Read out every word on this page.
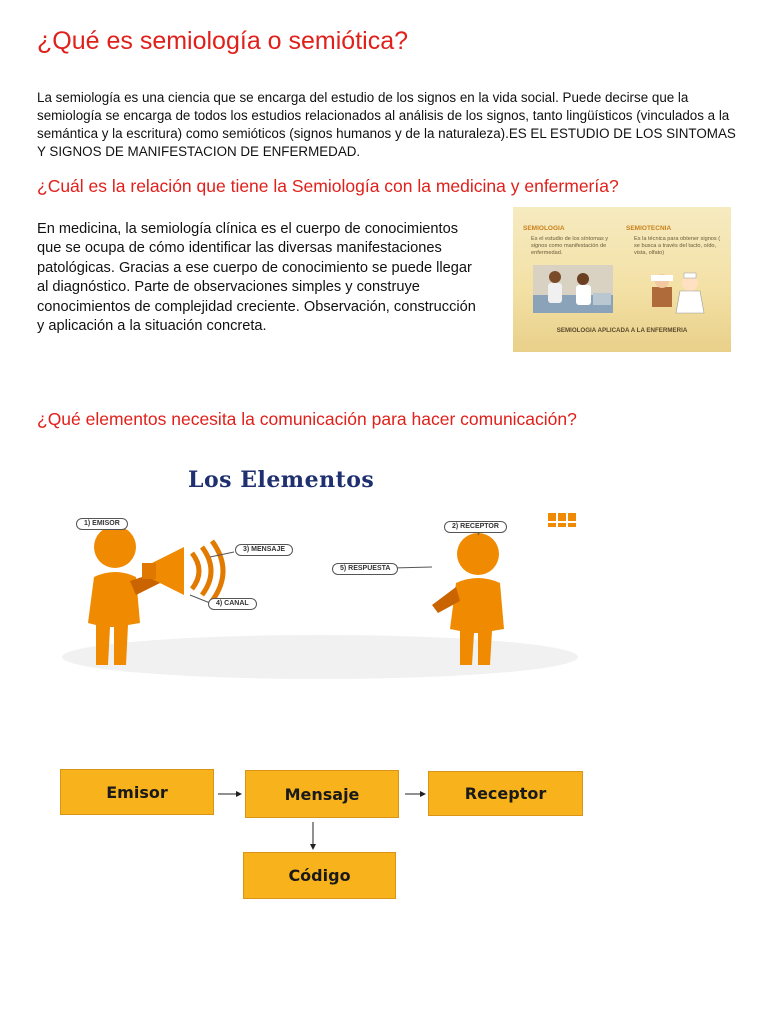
¿Qué es semiología o semiótica?

La semiología es una ciencia que se encarga del estudio de los signos en la vida social. Puede decirse que la semiología se encarga de todos los estudios relacionados al análisis de los signos, tanto lingüísticos (vinculados a la semántica y la escritura) como semióticos (signos humanos y de la naturaleza).ES EL ESTUDIO DE LOS SINTOMAS Y SIGNOS DE MANIFESTACION DE ENFERMEDAD.

¿Cuál es la relación que tiene la Semiología con la medicina y enfermería?

En medicina, la semiología clínica es el cuerpo de conocimientos que se ocupa de cómo identificar las diversas manifestaciones patológicas. Gracias a ese cuerpo de conocimiento se puede llegar al diagnóstico. Parte de observaciones simples y construye conocimientos de complejidad creciente. Observación, construcción y aplicación a la situación concreta.

SEMIOLOGIA

Es el estudio de los síntomas y signos como manifestación de enfermedad.

SEMIOTECNIA

Es la técnica para obtener signos ( se busca a través del tacto, oído, vista, olfato)

SEMIOLOGIA APLICADA A LA ENFERMERIA
¿Qué elementos necesita la comunicación para hacer comunicación?
Los Elementos
1) EMISOR	2) RECEPTOR
3) MENSAJE
5) RESPUESTA
4) CANAL
Emisor	Mensaje	Receptor
Código
